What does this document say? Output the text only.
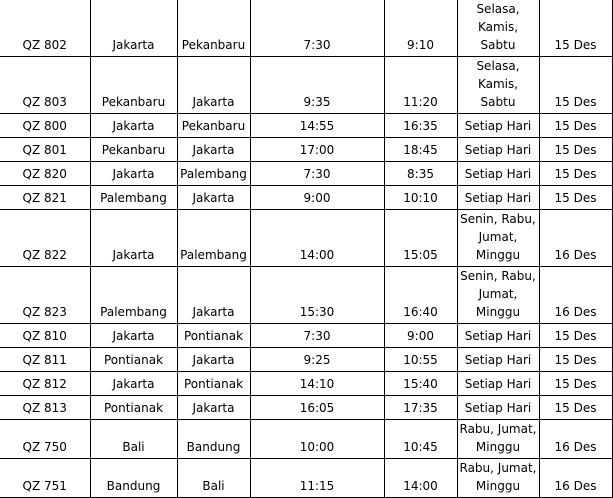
QZ 802	Jakarta	Pekanbaru	7:30	9:10	Selasa,
Kamis, Sabtu	15 Des
QZ 803	Pekanbaru	Jakarta	9:35	11:20	Selasa,
Kamis, Sabtu	15 Des
QZ 800	Jakarta	Pekanbaru	14:55	16:35	Setiap Hari	15 Des
QZ 801	Pekanbaru	Jakarta	17:00	18:45	Setiap Hari	15 Des
QZ 820	Jakarta	Palembang	7:30	8:35	Setiap Hari	15 Des
QZ 821	Palembang	Jakarta	9:00	10:10	Setiap Hari	15 Des
QZ 822	Jakarta	Palembang	14:00	15:05	Senin, Rabu,
Jumat,
Minggu	16 Des
QZ 823	Palembang	Jakarta	15:30	16:40	Senin, Rabu,
Jumat,
Minggu	16 Des
QZ 810	Jakarta	Pontianak	7:30	9:00	Setiap Hari	15 Des
QZ 811	Pontianak	Jakarta	9:25	10:55	Setiap Hari	15 Des
QZ 812	Jakarta	Pontianak	14:10	15:40	Setiap Hari	15 Des
QZ 813	Pontianak	Jakarta	16:05	17:35	Setiap Hari	15 Des
QZ 750	Bali	Bandung	10:00	10:45	Rabu, Jumat,
Minggu	16 Des
QZ 751	Bandung	Bali	11:15	14:00	Rabu, Jumat,
Minggu	16 Des
